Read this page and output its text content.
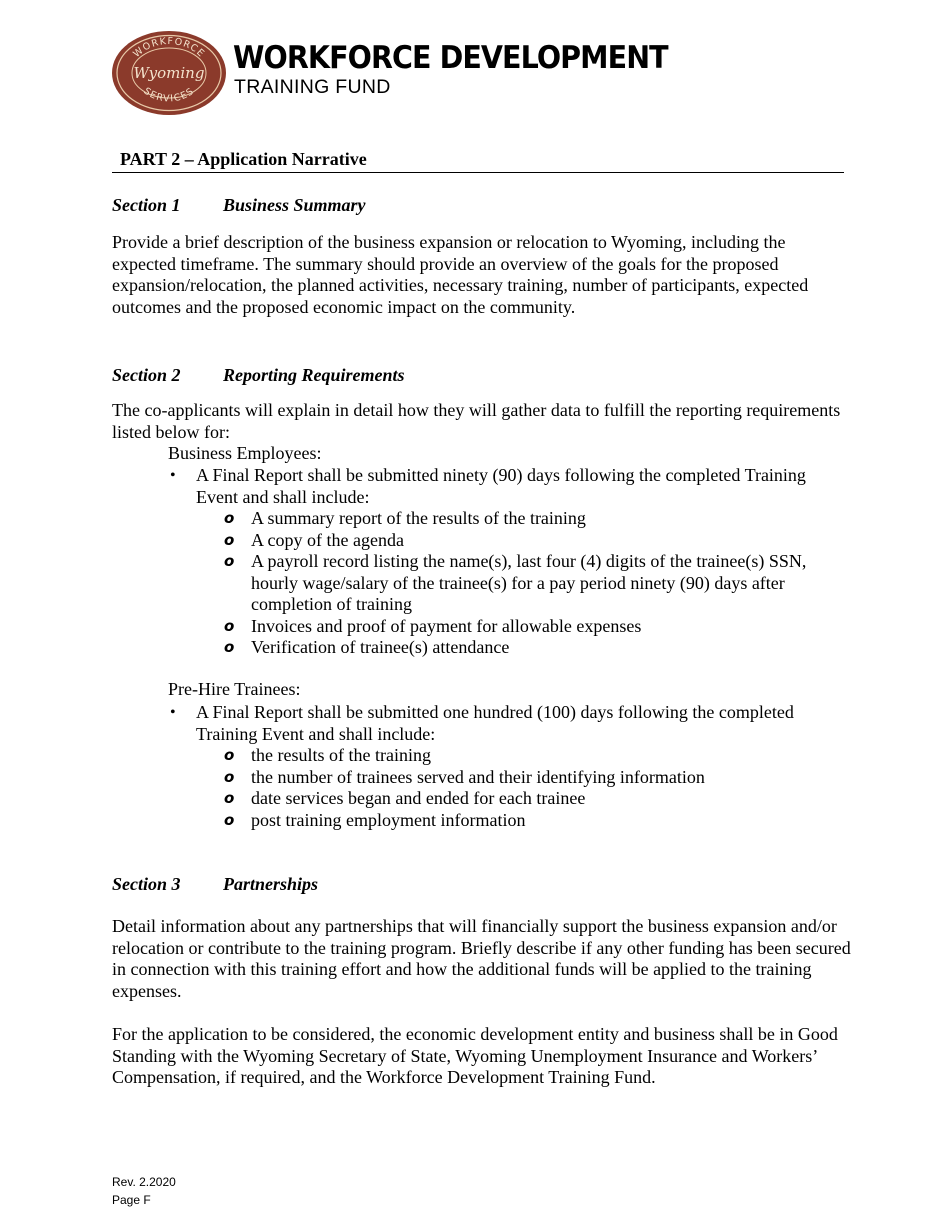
WORKFORCE
Wyoming
SERVICES
WORKFORCE DEVELOPMENT
TRAINING FUND
PART 2 – Application Narrative
Section 1 Business Summary

Provide a brief description of the business expansion or relocation to Wyoming, including the expected timeframe. The summary should provide an overview of the goals for the proposed expansion/relocation, the planned activities, necessary training, number of participants, expected outcomes and the proposed economic impact on the community.

Section 2 Reporting Requirements

The co-applicants will explain in detail how they will gather data to fulfill the reporting requirements listed below for:

Business Employees:
• A Final Report shall be submitted ninety (90) days following the completed Training Event and shall include:
o A summary report of the results of the training
o A copy of the agenda
o A payroll record listing the name(s), last four (4) digits of the trainee(s) SSN, hourly wage/salary of the trainee(s) for a pay period ninety (90) days after completion of training
o Invoices and proof of payment for allowable expenses
o Verification of trainee(s) attendance
Pre-Hire Trainees:
• A Final Report shall be submitted one hundred (100) days following the completed Training Event and shall include:
o the results of the training
o the number of trainees served and their identifying information
o date services began and ended for each trainee
o post training employment information
Section 3 Partnerships

Detail information about any partnerships that will financially support the business expansion and/or relocation or contribute to the training program. Briefly describe if any other funding has been secured in connection with this training effort and how the additional funds will be applied to the training expenses.

For the application to be considered, the economic development entity and business shall be in Good Standing with the Wyoming Secretary of State, Wyoming Unemployment Insurance and Workers’ Compensation, if required, and the Workforce Development Training Fund.

Rev. 2.2020
Page F
